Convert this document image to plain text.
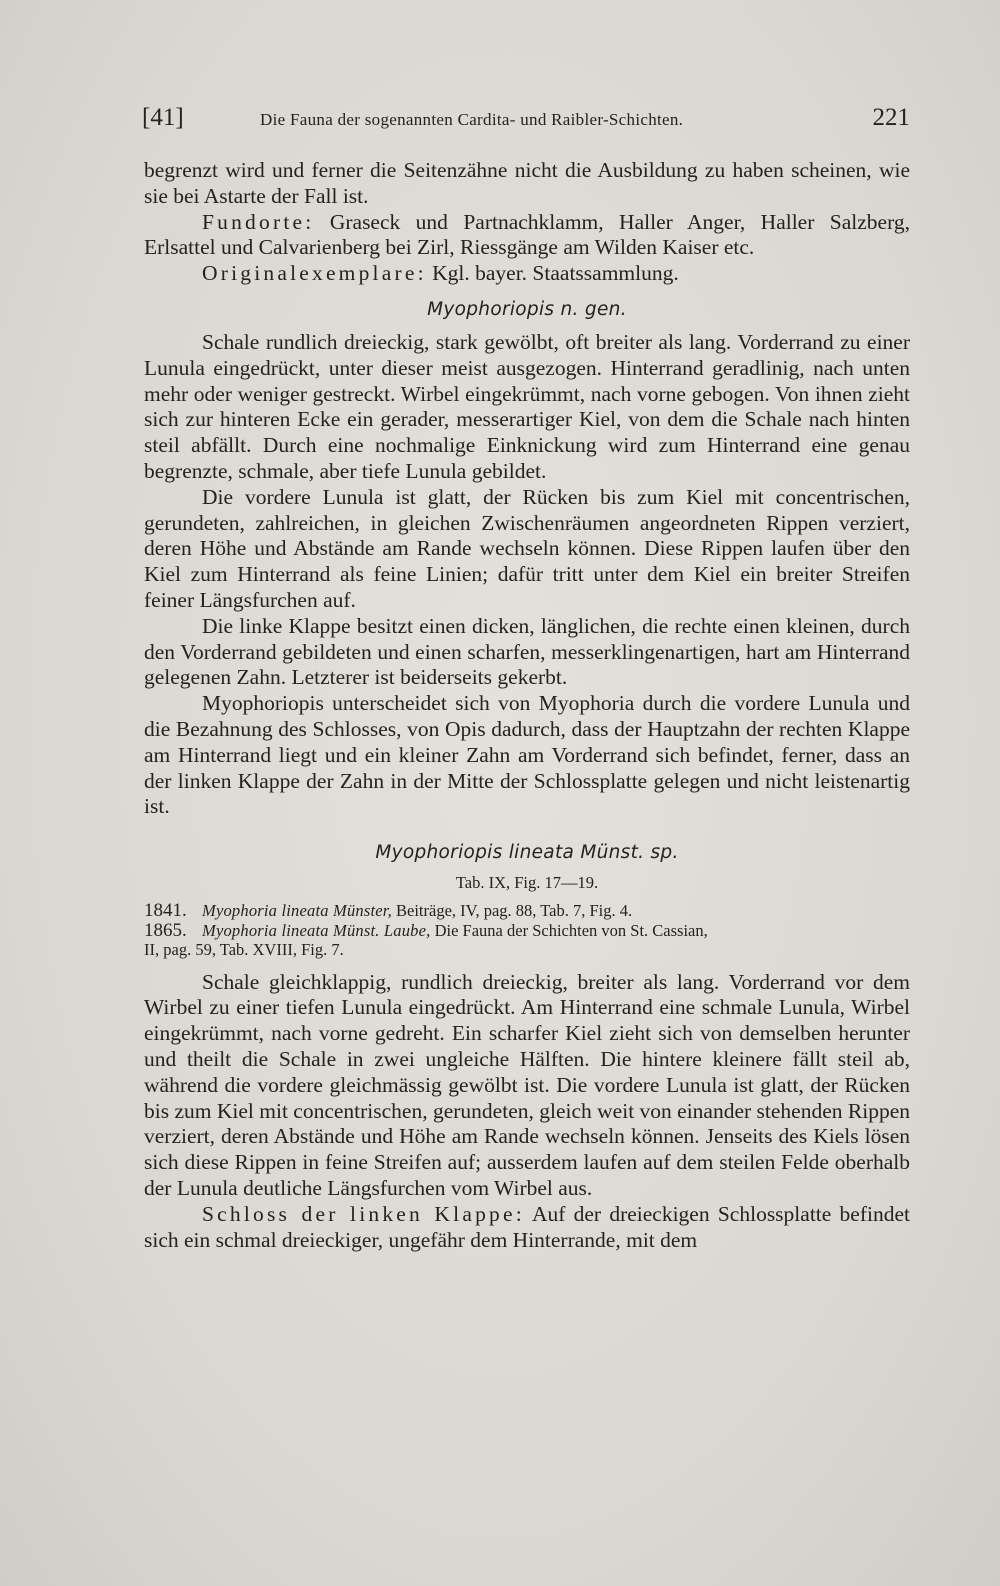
[41]	Die Fauna der sogenannten Cardita- und Raibler-Schichten.	221

begrenzt wird und ferner die Seitenzähne nicht die Ausbildung zu haben scheinen, wie sie bei Astarte der Fall ist.

Fundorte: Graseck und Partnachklamm, Haller Anger, Haller Salzberg, Erlsattel und Calvarienberg bei Zirl, Riessgänge am Wilden Kaiser etc.

Originalexemplare: Kgl. bayer. Staatssammlung.

Myophoriopis n. gen.

Schale rundlich dreieckig, stark gewölbt, oft breiter als lang. Vorderrand zu einer Lunula eingedrückt, unter dieser meist ausgezogen. Hinterrand geradlinig, nach unten mehr oder weniger gestreckt. Wirbel eingekrümmt, nach vorne gebogen. Von ihnen zieht sich zur hinteren Ecke ein gerader, messerartiger Kiel, von dem die Schale nach hinten steil abfällt. Durch eine nochmalige Einknickung wird zum Hinterrand eine genau begrenzte, schmale, aber tiefe Lunula gebildet.

Die vordere Lunula ist glatt, der Rücken bis zum Kiel mit concentrischen, gerundeten, zahlreichen, in gleichen Zwischenräumen angeordneten Rippen verziert, deren Höhe und Abstände am Rande wechseln können. Diese Rippen laufen über den Kiel zum Hinterrand als feine Linien; dafür tritt unter dem Kiel ein breiter Streifen feiner Längsfurchen auf.

Die linke Klappe besitzt einen dicken, länglichen, die rechte einen kleinen, durch den Vorderrand gebildeten und einen scharfen, messerklingenartigen, hart am Hinterrand gelegenen Zahn. Letzterer ist beiderseits gekerbt.

Myophoriopis unterscheidet sich von Myophoria durch die vordere Lunula und die Bezahnung des Schlosses, von Opis dadurch, dass der Hauptzahn der rechten Klappe am Hinterrand liegt und ein kleiner Zahn am Vorderrand sich befindet, ferner, dass an der linken Klappe der Zahn in der Mitte der Schlossplatte gelegen und nicht leistenartig ist.

Myophoriopis lineata Münst. sp.
Tab. IX, Fig. 17—19.
1841. Myophoria lineata Münster, Beiträge, IV, pag. 88, Tab. 7, Fig. 4.
1865. Myophoria lineata Münst. Laube, Die Fauna der Schichten von St. Cassian,
II, pag. 59, Tab. XVIII, Fig. 7.

Schale gleichklappig, rundlich dreieckig, breiter als lang. Vorderrand vor dem Wirbel zu einer tiefen Lunula eingedrückt. Am Hinterrand eine schmale Lunula, Wirbel eingekrümmt, nach vorne gedreht. Ein scharfer Kiel zieht sich von demselben herunter und theilt die Schale in zwei ungleiche Hälften. Die hintere kleinere fällt steil ab, während die vordere gleichmässig gewölbt ist. Die vordere Lunula ist glatt, der Rücken bis zum Kiel mit concentrischen, gerundeten, gleich weit von einander stehenden Rippen verziert, deren Abstände und Höhe am Rande wechseln können. Jenseits des Kiels lösen sich diese Rippen in feine Streifen auf; ausserdem laufen auf dem steilen Felde oberhalb der Lunula deutliche Längsfurchen vom Wirbel aus.

Schloss der linken Klappe: Auf der dreieckigen Schlossplatte befindet sich ein schmal dreieckiger, ungefähr dem Hinterrande, mit dem
